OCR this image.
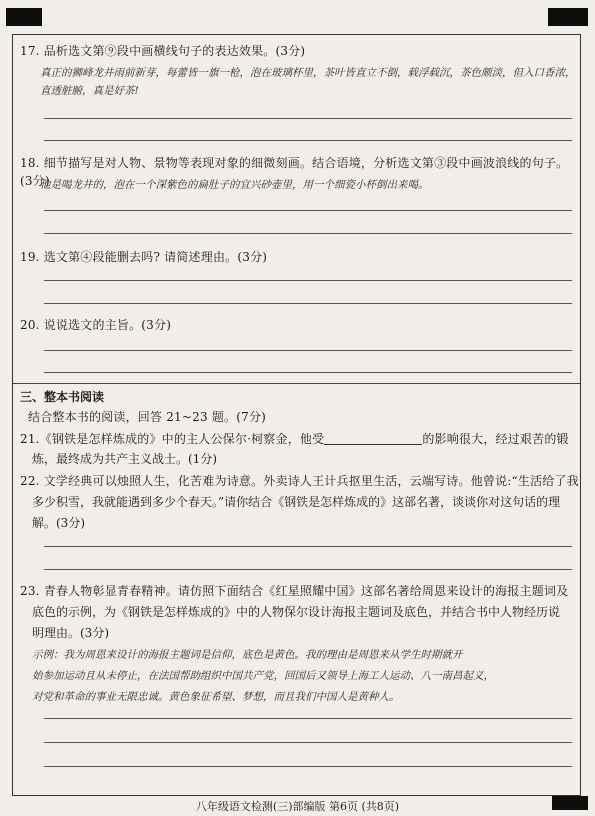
17. 品析选文第⑨段中画横线句子的表达效果。(3分)
真正的狮峰龙井雨前新芽，每蕾皆一旗一枪，泡在玻璃杯里，茶叶皆直立不倒，载浮载沉，茶色颇淡，但入口香浓，直透脏腑，真是好茶!
18. 细节描写是对人物、景物等表现对象的细微刻画。结合语境，分析选文第③段中画波浪线的句子。(3分)
他是喝龙井的，泡在一个深紫色的扁肚子的宜兴砂壶里，用一个细瓷小杯倒出来喝。
19. 选文第④段能删去吗? 请简述理由。(3分)
20. 说说选文的主旨。(3分)
三、整本书阅读
结合整本书的阅读，回答 21~23 题。(7分)
21.《钢铁是怎样炼成的》中的主人公保尔·柯察金，他受	的影响很大，经过艰苦的锻
炼，最终成为共产主义战士。(1分)
22. 文学经典可以烛照人生，化苦难为诗意。外卖诗人王计兵抠里生活，云端写诗。他曾说:“生活给了我
多少积雪，我就能遇到多少个春天。”请你结合《钢铁是怎样炼成的》这部名著，谈谈你对这句话的理
解。(3分)
23. 青春人物彰显青春精神。请仿照下面结合《红星照耀中国》这部名著给周恩来设计的海报主题词及
底色的示例，为《钢铁是怎样炼成的》中的人物保尔设计海报主题词及底色，并结合书中人物经历说
明理由。(3分)
示例：我为周恩来设计的海报主题词是信仰，底色是黄色。我的理由是周恩来从学生时期就开
始参加运动且从未停止，在法国帮助组织中国共产党，回国后又领导上海工人运动、八一南昌起义，
对党和革命的事业无限忠诚。黄色象征希望、梦想，而且我们中国人是黄种人。
八年级语文检测(三)部编版 第6页 (共8页)
